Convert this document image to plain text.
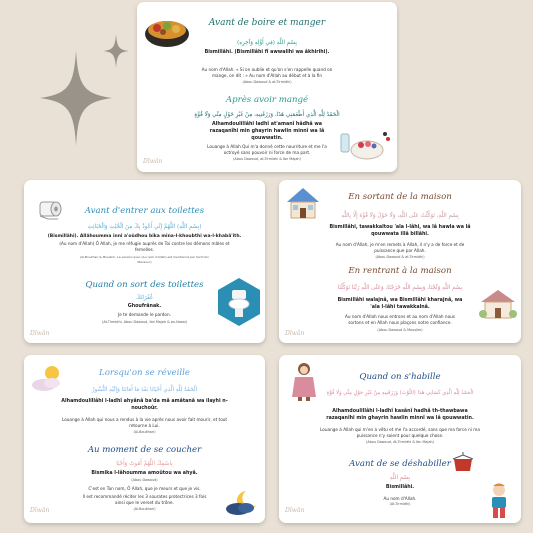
Avant de boire et manger

بِسْمِ اللَّهِ (فِي أَوَّلِهِ وَآخِرِهِ)

Bismillâhi. (Bismillâhi fî awwalihi wa âkhirihi).

Au nom d'Allah. « Si on oublie et qu'on s'en rappelle quand on

mange, on dit : » Au nom d'Allah au début et à la fin

(Abou Dawoud & at-Tirmidhi)

Après avoir mangé

الْحَمْدُ لِلَّهِ الَّذِي أَطْعَمَنِي هَذَا، وَرَزَقَنِيهِ، مِنْ غَيْرِ حَوْلٍ مِنِّي وَلَا قُوَّةٍ

Alhamdoulillâhi ladhî at'amanî hâdhâ wa

razaqanîhi min ghayrin hawlin minnî wa lâ

qouwwatin.

Louange à Allah Qui m'a donné cette nourriture et me l'a

octroyé sans pouvoir ni force de ma part.

(Abou Dawoud, at-Tirmidhi & Ibn Majah)

Dīwān

Avant d'entrer aux toilettes

(بِسْمِ اللَّهِ) اللَّهُمَّ إِنِّي أَعُوذُ بِكَ مِنَ الْخُبُثِ وَالْخَبَائِثِ

(Bismillâhi). Allâhoumma innî a'oûdhou bika mina-l-khoubthi wa-l-khabâ'ith.

(Au nom d'Allah) Ô Allah, je me réfugie auprès de Toi contre les démons mâles et

femelles.

(Al-Boukhari & Mouslim. La version avec (Au nom d'Allah) est mentionné par Sa'id ibn

Mansour)

Quand on sort des toilettes

غُفْرَانَكَ

Ghoufrânak.

Je te demande le pardon.

(At-Tirmidhi, Abou Dawoud, Ibn Majah & an-Nasai)

Dīwān

En sortant de la maison

بِسْمِ اللَّهِ، تَوَكَّلْتُ عَلَى اللَّهِ، وَلَا حَوْلَ وَلَا قُوَّةَ إِلَّا بِاللَّهِ

Bismillâhi, tawakkaltou 'ala l-lâhi, wa lâ hawla wa lâ

qouwwata illâ billâhi.

Au nom d'Allah, je m'en remets à Allah, il n'y a de force et de

puissance que par Allah.

(Abou Dawoud & at-Tirmidhi)

En rentrant à la maison

بِسْمِ اللَّهِ وَلَجْنَا، وَبِسْمِ اللَّهِ خَرَجْنَا، وَعَلَى اللَّهِ رَبِّنَا تَوَكَّلْنَا

Bismillâhi walajnâ, wa Bismillâhi kharajnâ, wa

'ala l-lâhi tawakkalnâ.

Au nom d'Allah nous entrons et au nom d'Allah nous

sortons et en Allah nous plaçons notre confiance.

(Abou Dawoud & Mouslim)

Dīwān

Lorsqu'on se réveille

الْحَمْدُ لِلَّهِ الَّذِي أَحْيَانَا بَعْدَ مَا أَمَاتَنَا وَإِلَيْهِ النُّشُورُ

Alhamdoulillâhi l-ladhî ahyânâ ba'da mâ amâtanâ wa ilayhi n-

nouchoûr.

Louange à Allah qui nous a rendus à la vie après nous avoir fait mourir, et tout

retourne à Lui.

(Al-Boukhari)

Au moment de se coucher

بِاسْمِكَ اللَّهُمَّ أَمُوتُ وَأَحْيَا

Bismika l-lâhoumma amoûtou wa ahyâ.

(Abou Dawoud)

C'est en Ton nom, Ô Allah, que je meurs et que je vis.

Il est recommandé réciter les 3 sourates protectrices 3 fois

ainsi que le verset du trône.

(Al-Boukhari)

Dīwān

Quand on s'habille

الْحَمْدُ لِلَّهِ الَّذِي كَسَانِي هَذَا (الثَّوْبَ) وَرَزَقَنِيهِ مِنْ غَيْرِ حَوْلٍ مِنِّي وَلَا قُوَّةٍ

Alhamdoulillâhi l-ladhî kasânî hadhâ th-thawbawa

razaqanîhi min ghayrin hawlin minnî wa lâ qouwwatin.

Louange à Allah qui m'en a vêtu et me l'a accordé, sans que ma force ni ma

puissance n'y soient pour quelque chose.

(Abou Dawoud, At-Tirmidhi & Ibn Majah)

Avant de se déshabiller

بِسْمِ اللَّهِ

Bismillâhi.

Au nom d'Allah.

(At-Tirmidhi)

Dīwān
